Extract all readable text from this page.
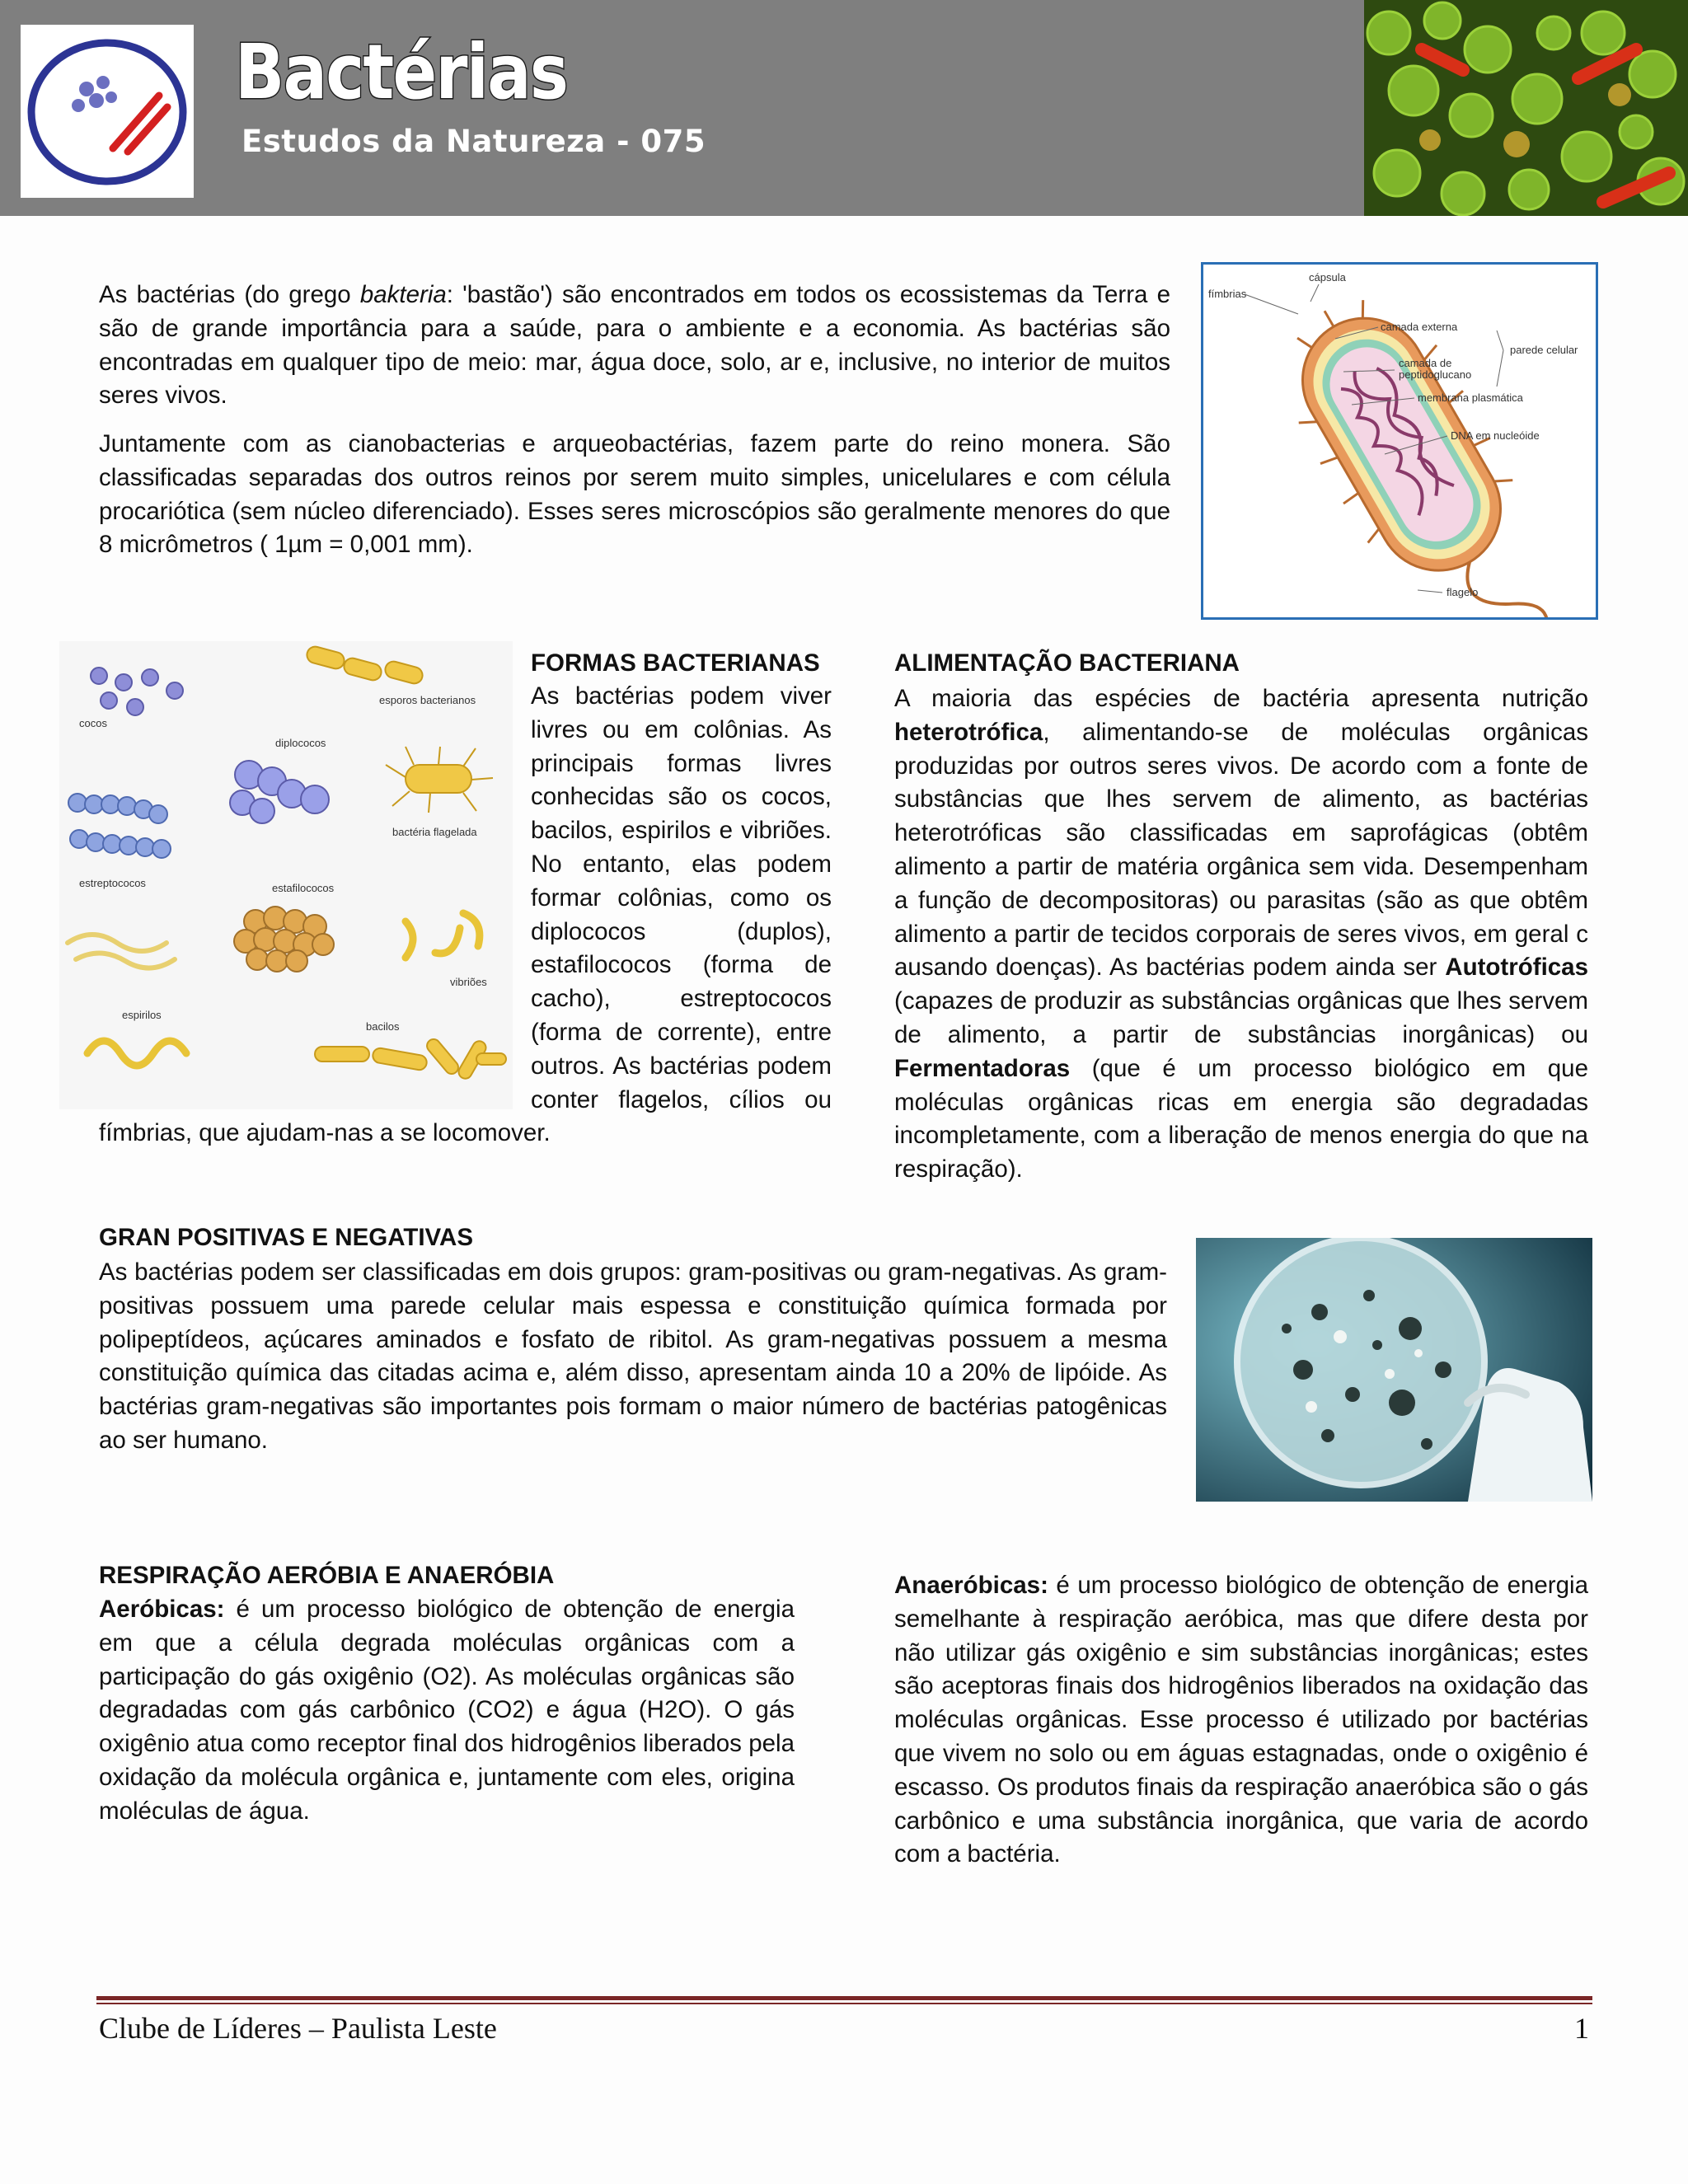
Bactérias
Estudos da Natureza - 075

As bactérias (do grego bakteria: 'bastão') são encontrados em todos os ecossistemas da Terra e são de grande importância para a saúde, para o ambiente e a economia. As bactérias são encontradas em qualquer tipo de meio: mar, água doce, solo, ar e, inclusive, no interior de muitos seres vivos.

Juntamente com as cianobacterias e arqueobactérias, fazem parte do reino monera. São classificadas separadas dos outros reinos por serem muito simples, unicelulares e com célula procariótica (sem núcleo diferenciado). Esses seres microscópios são geralmente menores do que 8 micrômetros ( 1µm = 0,001 mm).

fímbrias
cápsula
camada externa
parede celular
camada de
peptidoglucano
membrana plasmática
DNA em nucleóide
flagelo
cocos
esporos bacterianos
diplococos
bactéria flagelada
estreptococos	estafilococos
vibriões
espirilos
bacilos
FORMAS BACTERIANAS
As bactérias podem viver livres ou em colônias. As principais formas livres conhecidas são os cocos, bacilos, espirilos e vibriões. No entanto, elas podem formar colônias, como os diplococos (duplos), estafilococos (forma de cacho), estreptococos (forma de corrente), entre outros. As bactérias podem conter flagelos, cílios ou fímbrias, que ajudam-nas a se locomover.
ALIMENTAÇÃO BACTERIANA

A maioria das espécies de bactéria apresenta nutrição heterotrófica, alimentando-se de moléculas orgânicas produzidas por outros seres vivos. De acordo com a fonte de substâncias que lhes servem de alimento, as bactérias heterotróficas são classificadas em saprofágicas (obtêm alimento a partir de matéria orgânica sem vida. Desempenham a função de decompositoras) ou parasitas (são as que obtêm alimento a partir de tecidos corporais de seres vivos, em geral c ausando doenças). As bactérias podem ainda ser Autotróficas (capazes de produzir as substâncias orgânicas que lhes servem de alimento, a partir de substâncias inorgânicas) ou Fermentadoras (que é um processo biológico em que moléculas orgânicas ricas em energia são degradadas incompletamente, com a liberação de menos energia do que na respiração).

GRAN POSITIVAS E NEGATIVAS

As bactérias podem ser classificadas em dois grupos: gram-positivas ou gram-negativas. As gram-positivas possuem uma parede celular mais espessa e constituição química formada por polipeptídeos, açúcares aminados e fosfato de ribitol. As gram-negativas possuem a mesma constituição química das citadas acima e, além disso, apresentam ainda 10 a 20% de lipóide. As bactérias gram-negativas são importantes pois formam o maior número de bactérias patogênicas ao ser humano.

RESPIRAÇÃO AERÓBIA E ANAERÓBIA

Aeróbicas: é um processo biológico de obtenção de energia em que a célula degrada moléculas orgânicas com a participação do gás oxigênio (O2). As moléculas orgânicas são degradadas com gás carbônico (CO2) e água (H2O). O gás oxigênio atua como receptor final dos hidrogênios liberados pela oxidação da molécula orgânica e, juntamente com eles, origina moléculas de água.

Anaeróbicas: é um processo biológico de obtenção de energia semelhante à respiração aeróbica, mas que difere desta por não utilizar gás oxigênio e sim substâncias inorgânicas; estes são aceptoras finais dos hidrogênios liberados na oxidação das moléculas orgânicas. Esse processo é utilizado por bactérias que vivem no solo ou em águas estagnadas, onde o oxigênio é escasso. Os produtos finais da respiração anaeróbica são o gás carbônico e uma substância inorgânica, que varia de acordo com a bactéria.

Clube de Líderes – Paulista Leste	1
